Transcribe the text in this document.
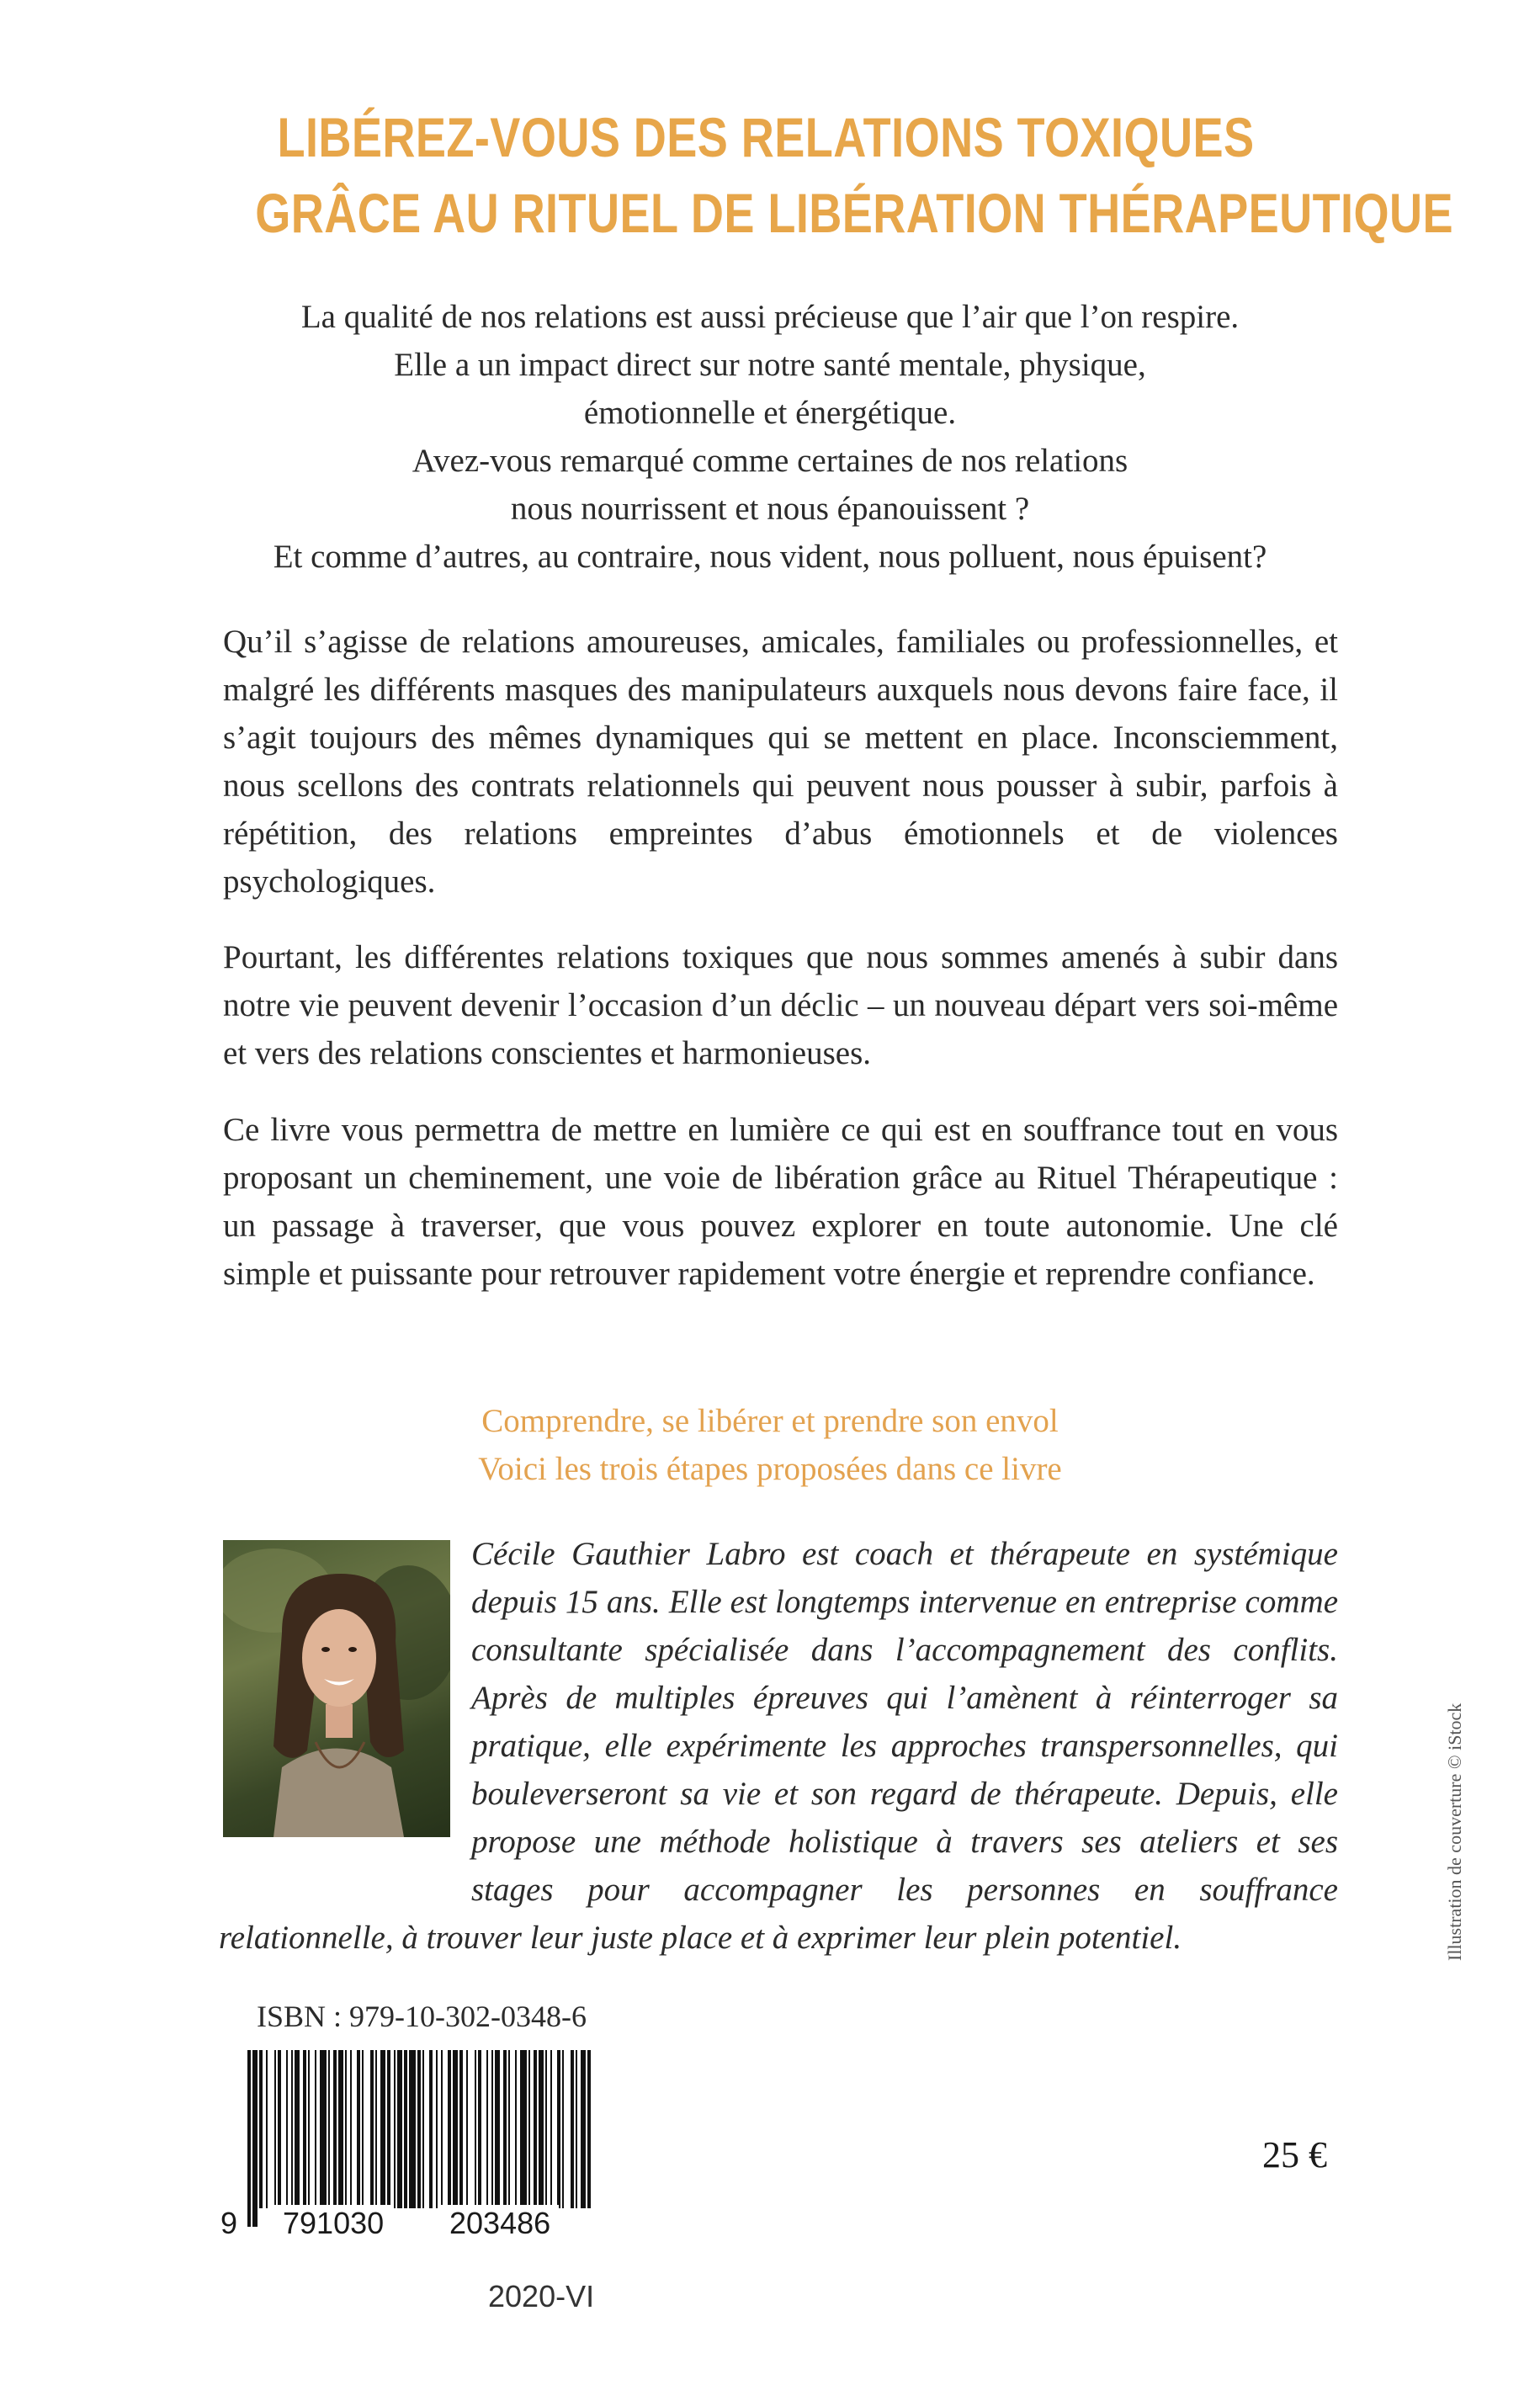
LIBÉREZ-VOUS DES RELATIONS TOXIQUES
GRÂCE AU RITUEL DE LIBÉRATION THÉRAPEUTIQUE
La qualité de nos relations est aussi précieuse que l’air que l’on respire.
Elle a un impact direct sur notre santé mentale, physique,
émotionnelle et énergétique.
Avez-vous remarqué comme certaines de nos relations
nous nourrissent et nous épanouissent ?
Et comme d’autres, au contraire, nous vident, nous polluent, nous épuisent?
Qu’il s’agisse de relations amoureuses, amicales, familiales ou professionnelles, et malgré les différents masques des manipulateurs auxquels nous devons faire face, il s’agit toujours des mêmes dynamiques qui se mettent en place. Inconsciemment, nous scellons des contrats relationnels qui peuvent nous pousser à subir, parfois à répétition, des relations empreintes d’abus émotionnels et de violences psychologiques.
Pourtant, les différentes relations toxiques que nous sommes amenés à subir dans notre vie peuvent devenir l’occasion d’un déclic – un nouveau départ vers soi-même et vers des relations conscientes et harmonieuses.
Ce livre vous permettra de mettre en lumière ce qui est en souffrance tout en vous proposant un cheminement, une voie de libération grâce au Rituel Thérapeutique : un passage à traverser, que vous pouvez explorer en toute autonomie. Une clé simple et puissante pour retrouver rapidement votre énergie et reprendre confiance.
Comprendre, se libérer et prendre son envol
Voici les trois étapes proposées dans ce livre
Cécile Gauthier Labro est coach et thérapeute en systémique depuis 15 ans. Elle est longtemps intervenue en entreprise comme consultante spécialisée dans l’accompagnement des conflits. Après de multiples épreuves qui l’amènent à réinterroger sa pratique, elle expérimente les approches transpersonnelles, qui bouleverseront sa vie et son regard de thérapeute. Depuis, elle propose une méthode holistique à travers ses ateliers et ses stages pour accompagner les personnes en souffrance relationnelle, à trouver leur juste place et à exprimer leur plein potentiel.
ISBN : 979-10-302-0348-6
9 791030 203486
2020-VI
25 €
Illustration de couverture © iStock
